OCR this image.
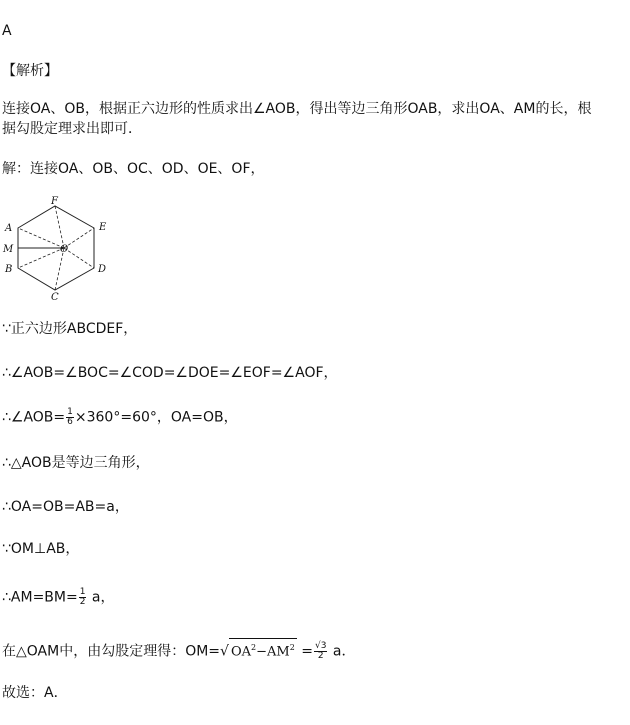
A
【解析】
连接OA、OB，根据正六边形的性质求出∠AOB，得出等边三角形OAB，求出OA、AM的长，根
据勾股定理求出即可．
解：连接OA、OB、OC、OD、OE、OF，
F
A	E
M	O
B	D
C
∵正六边形ABCDEF，
∴∠AOB=∠BOC=∠COD=∠DOE=∠EOF=∠AOF，
∴∠AOB= $\frac{1}{6} \times 360^\circ=60^\circ$，OA=OB，
∴△AOB是等边三角形，
∴OA=OB=AB=a，
∵OM⊥AB，
∴AM=BM= $\frac{1}{2}$ a，
在△OAM中，由勾股定理得：OM=√ $OA^2-AM^2 = \frac{√3}{2}$ a．
故选：A．
